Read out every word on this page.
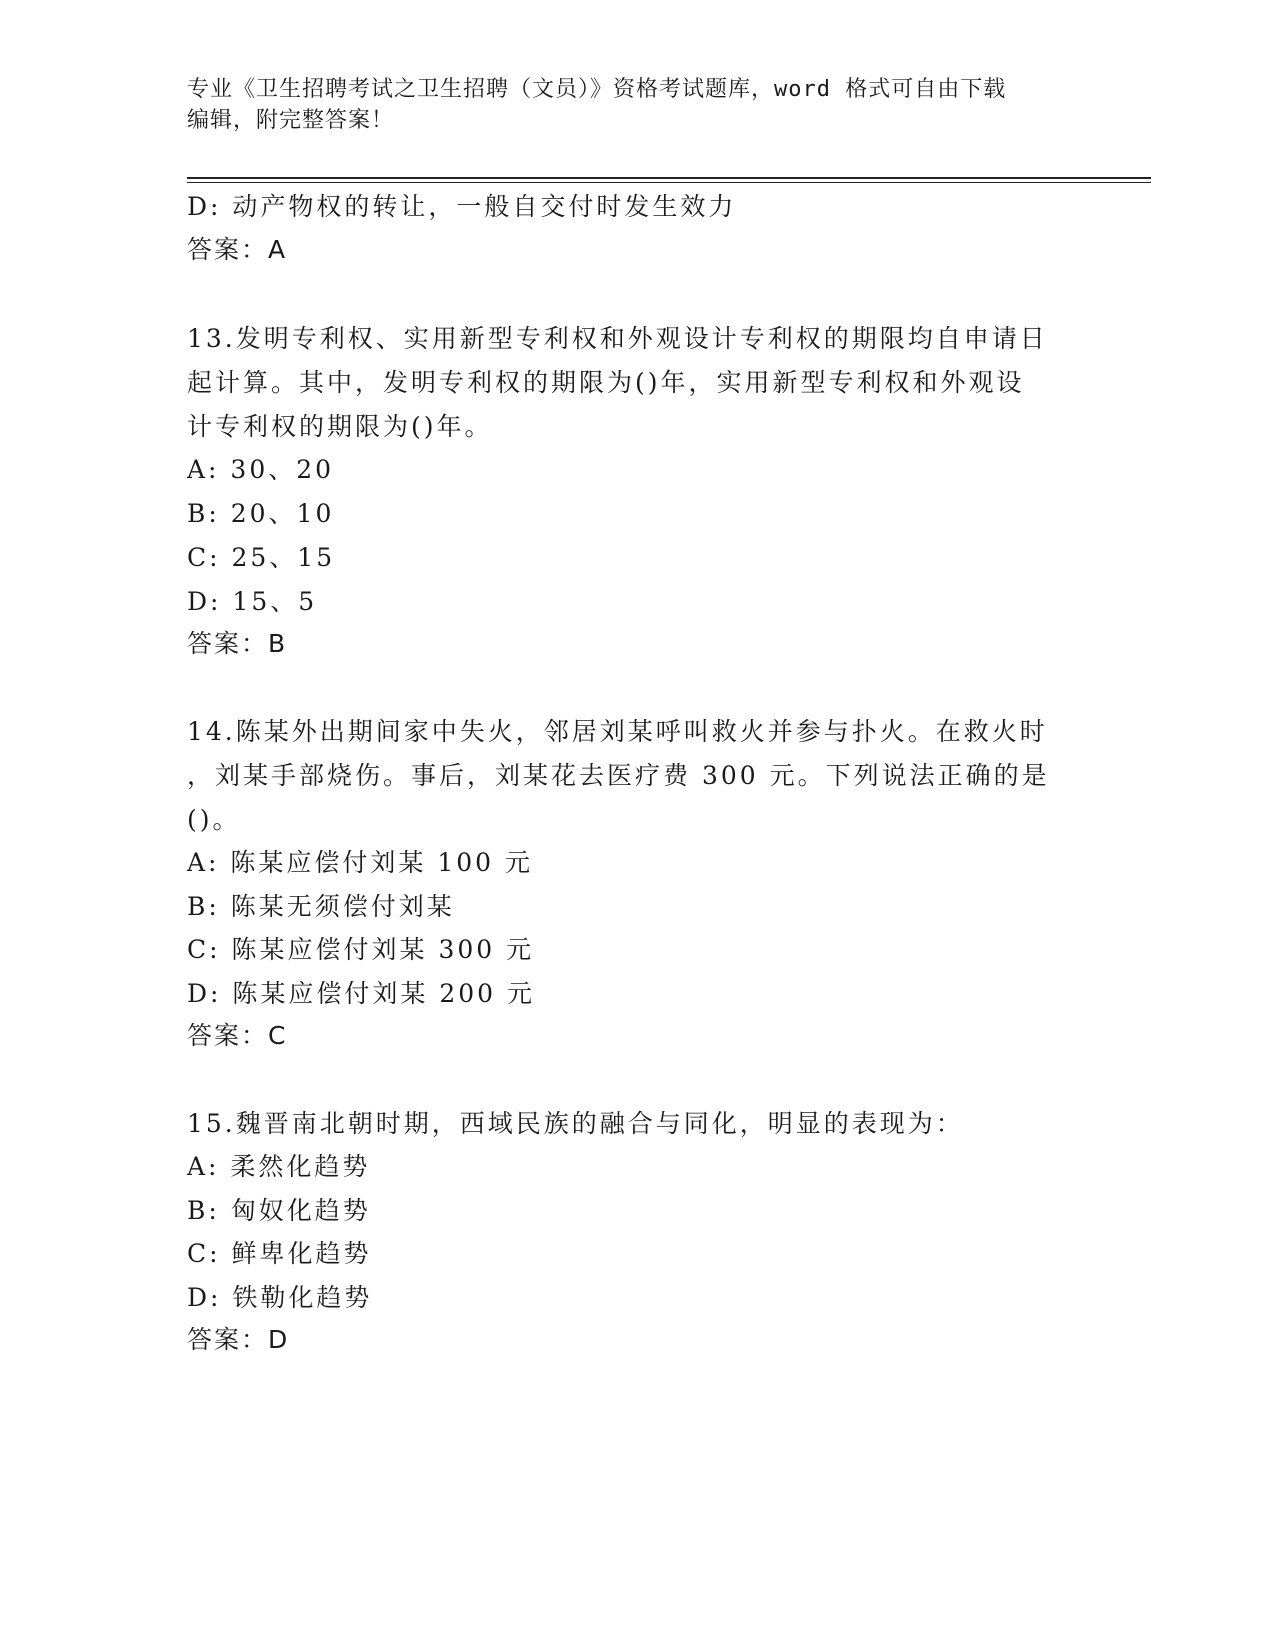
专业《卫生招聘考试之卫生招聘（文员）》资格考试题库，word 格式可自由下载
编辑，附完整答案！
D: 动产物权的转让，一般自交付时发生效力
答案：A
13.发明专利权、实用新型专利权和外观设计专利权的期限均自申请日
起计算。其中，发明专利权的期限为()年，实用新型专利权和外观设
计专利权的期限为()年。
A: 30、20
B: 20、10
C: 25、15
D: 15、5
答案：B
14.陈某外出期间家中失火，邻居刘某呼叫救火并参与扑火。在救火时
，刘某手部烧伤。事后，刘某花去医疗费 300 元。下列说法正确的是
()。
A: 陈某应偿付刘某 100 元
B: 陈某无须偿付刘某
C: 陈某应偿付刘某 300 元
D: 陈某应偿付刘某 200 元
答案：C
15.魏晋南北朝时期，西域民族的融合与同化，明显的表现为：
A: 柔然化趋势
B: 匈奴化趋势
C: 鲜卑化趋势
D: 铁勒化趋势
答案：D
